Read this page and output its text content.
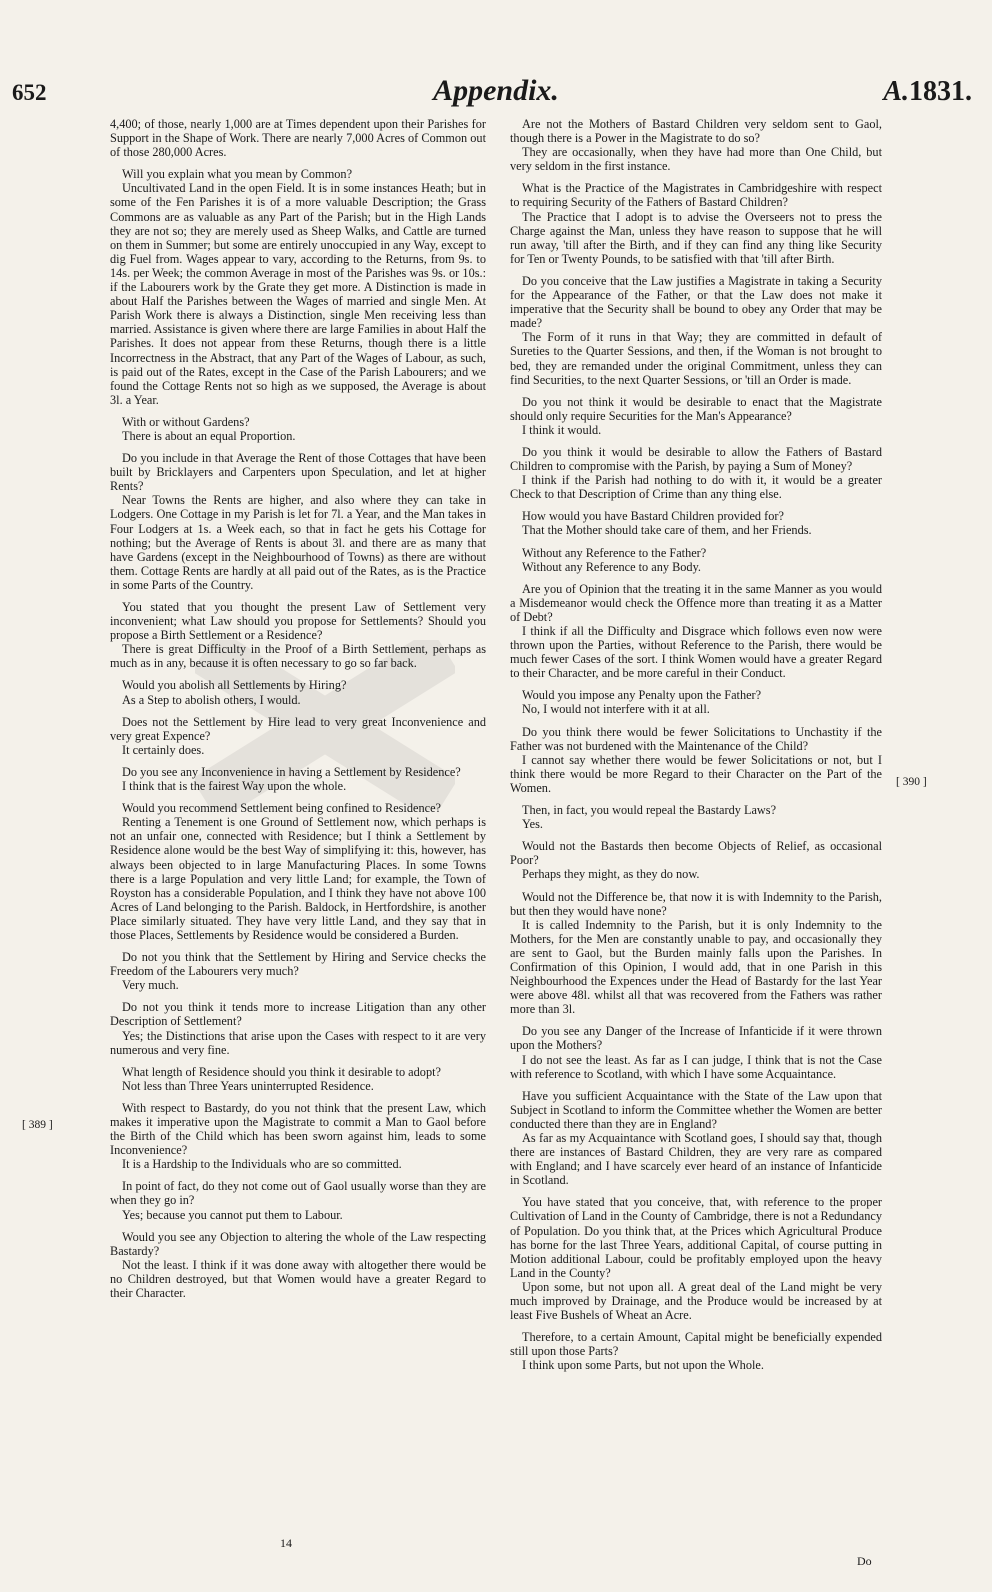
652	Appendix.	A.1831.
[ 389 ]
[ 390 ]

4,400; of those, nearly 1,000 are at Times dependent upon their Parishes for Support in the Shape of Work. There are nearly 7,000 Acres of Common out of those 280,000 Acres.

Will you explain what you mean by Common?

Uncultivated Land in the open Field. It is in some instances Heath; but in some of the Fen Parishes it is of a more valuable Description; the Grass Commons are as valuable as any Part of the Parish; but in the High Lands they are not so; they are merely used as Sheep Walks, and Cattle are turned on them in Summer; but some are entirely unoccupied in any Way, except to dig Fuel from. Wages appear to vary, according to the Returns, from 9s. to 14s. per Week; the common Average in most of the Parishes was 9s. or 10s.: if the Labourers work by the Grate they get more. A Distinction is made in about Half the Parishes between the Wages of married and single Men. At Parish Work there is always a Distinction, single Men receiving less than married. Assistance is given where there are large Families in about Half the Parishes. It does not appear from these Returns, though there is a little Incorrectness in the Abstract, that any Part of the Wages of Labour, as such, is paid out of the Rates, except in the Case of the Parish Labourers; and we found the Cottage Rents not so high as we supposed, the Average is about 3l. a Year.

With or without Gardens?

There is about an equal Proportion.

Do you include in that Average the Rent of those Cottages that have been built by Bricklayers and Carpenters upon Speculation, and let at higher Rents?

Near Towns the Rents are higher, and also where they can take in Lodgers. One Cottage in my Parish is let for 7l. a Year, and the Man takes in Four Lodgers at 1s. a Week each, so that in fact he gets his Cottage for nothing; but the Average of Rents is about 3l. and there are as many that have Gardens (except in the Neighbourhood of Towns) as there are without them. Cottage Rents are hardly at all paid out of the Rates, as is the Practice in some Parts of the Country.

You stated that you thought the present Law of Settlement very inconvenient; what Law should you propose for Settlements? Should you propose a Birth Settlement or a Residence?

There is great Difficulty in the Proof of a Birth Settlement, perhaps as much as in any, because it is often necessary to go so far back.

Would you abolish all Settlements by Hiring?

As a Step to abolish others, I would.

Does not the Settlement by Hire lead to very great Inconvenience and very great Expence?

It certainly does.

Do you see any Inconvenience in having a Settlement by Residence?

I think that is the fairest Way upon the whole.

Would you recommend Settlement being confined to Residence?

Renting a Tenement is one Ground of Settlement now, which perhaps is not an unfair one, connected with Residence; but I think a Settlement by Residence alone would be the best Way of simplifying it: this, however, has always been objected to in large Manufacturing Places. In some Towns there is a large Population and very little Land; for example, the Town of Royston has a considerable Population, and I think they have not above 100 Acres of Land belonging to the Parish. Baldock, in Hertfordshire, is another Place similarly situated. They have very little Land, and they say that in those Places, Settlements by Residence would be considered a Burden.

Do not you think that the Settlement by Hiring and Service checks the Freedom of the Labourers very much?

Very much.

Do not you think it tends more to increase Litigation than any other Description of Settlement?

Yes; the Distinctions that arise upon the Cases with respect to it are very numerous and very fine.

What length of Residence should you think it desirable to adopt?

Not less than Three Years uninterrupted Residence.

With respect to Bastardy, do you not think that the present Law, which makes it imperative upon the Magistrate to commit a Man to Gaol before the Birth of the Child which has been sworn against him, leads to some Inconvenience?

It is a Hardship to the Individuals who are so committed.

In point of fact, do they not come out of Gaol usually worse than they are when they go in?

Yes; because you cannot put them to Labour.

Would you see any Objection to altering the whole of the Law respecting Bastardy?

Not the least. I think if it was done away with altogether there would be no Children destroyed, but that Women would have a greater Regard to their Character.

Are not the Mothers of Bastard Children very seldom sent to Gaol, though there is a Power in the Magistrate to do so?

They are occasionally, when they have had more than One Child, but very seldom in the first instance.

What is the Practice of the Magistrates in Cambridgeshire with respect to requiring Security of the Fathers of Bastard Children?

The Practice that I adopt is to advise the Overseers not to press the Charge against the Man, unless they have reason to suppose that he will run away, 'till after the Birth, and if they can find any thing like Security for Ten or Twenty Pounds, to be satisfied with that 'till after Birth.

Do you conceive that the Law justifies a Magistrate in taking a Security for the Appearance of the Father, or that the Law does not make it imperative that the Security shall be bound to obey any Order that may be made?

The Form of it runs in that Way; they are committed in default of Sureties to the Quarter Sessions, and then, if the Woman is not brought to bed, they are remanded under the original Commitment, unless they can find Securities, to the next Quarter Sessions, or 'till an Order is made.

Do you not think it would be desirable to enact that the Magistrate should only require Securities for the Man's Appearance?

I think it would.

Do you think it would be desirable to allow the Fathers of Bastard Children to compromise with the Parish, by paying a Sum of Money?

I think if the Parish had nothing to do with it, it would be a greater Check to that Description of Crime than any thing else.

How would you have Bastard Children provided for?

That the Mother should take care of them, and her Friends.

Without any Reference to the Father?

Without any Reference to any Body.

Are you of Opinion that the treating it in the same Manner as you would a Misdemeanor would check the Offence more than treating it as a Matter of Debt?

I think if all the Difficulty and Disgrace which follows even now were thrown upon the Parties, without Reference to the Parish, there would be much fewer Cases of the sort. I think Women would have a greater Regard to their Character, and be more careful in their Conduct.

Would you impose any Penalty upon the Father?

No, I would not interfere with it at all.

Do you think there would be fewer Solicitations to Unchastity if the Father was not burdened with the Maintenance of the Child?

I cannot say whether there would be fewer Solicitations or not, but I think there would be more Regard to their Character on the Part of the Women.

Then, in fact, you would repeal the Bastardy Laws?

Yes.

Would not the Bastards then become Objects of Relief, as occasional Poor?

Perhaps they might, as they do now.

Would not the Difference be, that now it is with Indemnity to the Parish, but then they would have none?

It is called Indemnity to the Parish, but it is only Indemnity to the Mothers, for the Men are constantly unable to pay, and occasionally they are sent to Gaol, but the Burden mainly falls upon the Parishes. In Confirmation of this Opinion, I would add, that in one Parish in this Neighbourhood the Expences under the Head of Bastardy for the last Year were above 48l. whilst all that was recovered from the Fathers was rather more than 3l.

Do you see any Danger of the Increase of Infanticide if it were thrown upon the Mothers?

I do not see the least. As far as I can judge, I think that is not the Case with reference to Scotland, with which I have some Acquaintance.

Have you sufficient Acquaintance with the State of the Law upon that Subject in Scotland to inform the Committee whether the Women are better conducted there than they are in England?

As far as my Acquaintance with Scotland goes, I should say that, though there are instances of Bastard Children, they are very rare as compared with England; and I have scarcely ever heard of an instance of Infanticide in Scotland.

You have stated that you conceive, that, with reference to the proper Cultivation of Land in the County of Cambridge, there is not a Redundancy of Population. Do you think that, at the Prices which Agricultural Produce has borne for the last Three Years, additional Capital, of course putting in Motion additional Labour, could be profitably employed upon the heavy Land in the County?

Upon some, but not upon all. A great deal of the Land might be very much improved by Drainage, and the Produce would be increased by at least Five Bushels of Wheat an Acre.

Therefore, to a certain Amount, Capital might be beneficially expended still upon those Parts?

I think upon some Parts, but not upon the Whole.

14
Do
